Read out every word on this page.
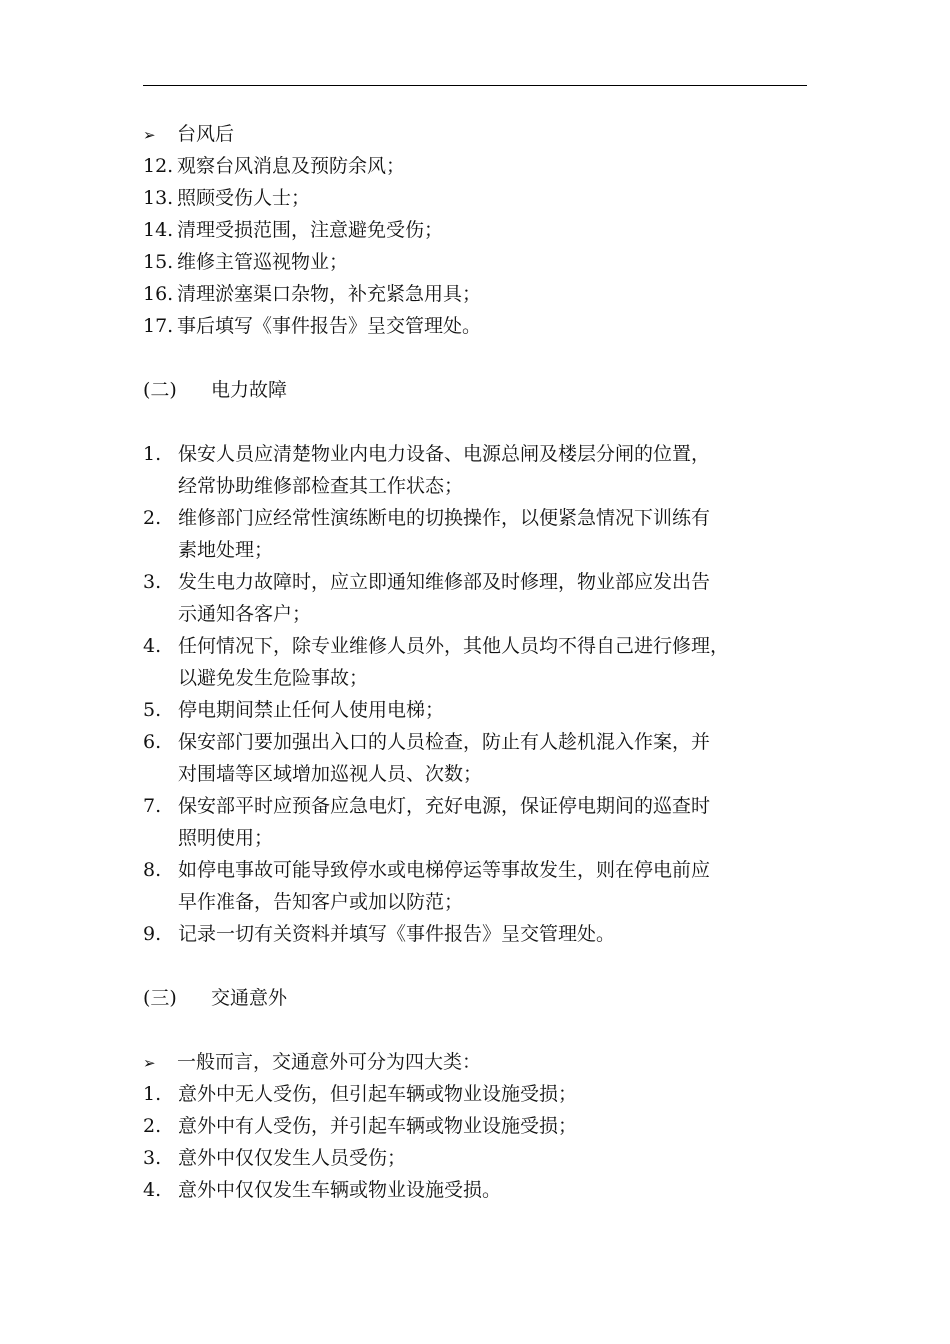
➢ 台风后
12. 观察台风消息及预防余风；
13. 照顾受伤人士；
14. 清理受损范围，注意避免受伤；
15. 维修主管巡视物业；
16. 清理淤塞渠口杂物，补充紧急用具；
17. 事后填写《事件报告》呈交管理处。
(二) 电力故障
1. 保安人员应清楚物业内电力设备、电源总闸及楼层分闸的位置，
经常协助维修部检查其工作状态；
2. 维修部门应经常性演练断电的切换操作，以便紧急情况下训练有
素地处理；
3. 发生电力故障时，应立即通知维修部及时修理，物业部应发出告
示通知各客户；
4. 任何情况下，除专业维修人员外，其他人员均不得自己进行修理，
以避免发生危险事故；
5. 停电期间禁止任何人使用电梯；
6. 保安部门要加强出入口的人员检查，防止有人趁机混入作案，并
对围墙等区域增加巡视人员、次数；
7. 保安部平时应预备应急电灯，充好电源，保证停电期间的巡查时
照明使用；
8. 如停电事故可能导致停水或电梯停运等事故发生，则在停电前应
早作准备，告知客户或加以防范；
9. 记录一切有关资料并填写《事件报告》呈交管理处。
(三) 交通意外
➢ 一般而言，交通意外可分为四大类：
1. 意外中无人受伤，但引起车辆或物业设施受损；
2. 意外中有人受伤，并引起车辆或物业设施受损；
3. 意外中仅仅发生人员受伤；
4. 意外中仅仅发生车辆或物业设施受损。
